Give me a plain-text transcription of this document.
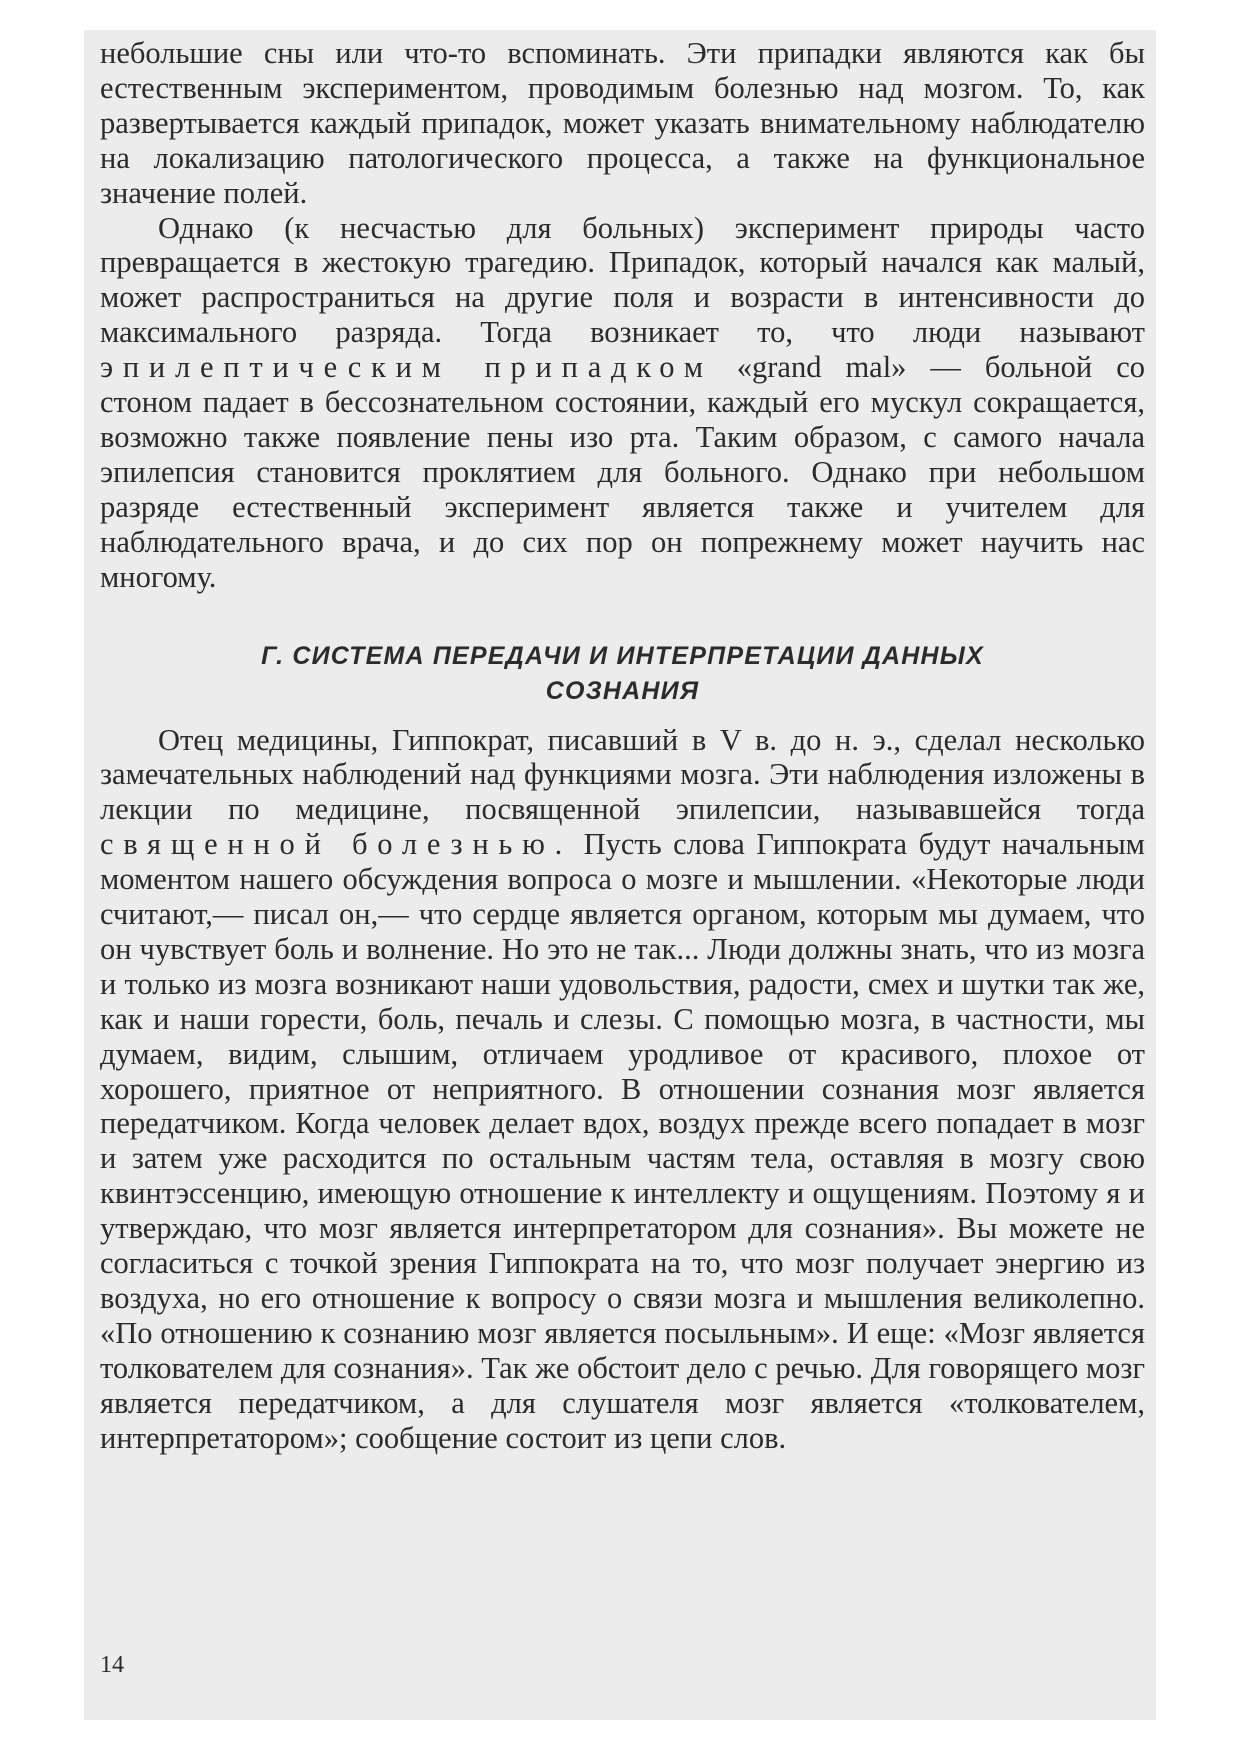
небольшие сны или что-то вспоминать. Эти припадки являются как бы естественным экспериментом, проводимым болезнью над мозгом. То, как развертывается каждый припадок, может указать внимательному наблюдателю на локализацию патологического процесса, а также на функциональное значение полей.

Однако (к несчастью для больных) эксперимент природы часто превращается в жестокую трагедию. Припадок, который начался как малый, может распространиться на другие поля и возрасти в интенсивности до максимального разряда. Тогда возникает то, что люди называют эпилептическим припадком «grand mal» — больной со стоном падает в бессознательном состоянии, каждый его мускул сокращается, возможно также появление пены изо рта. Таким образом, с самого начала эпилепсия становится проклятием для больного. Однако при небольшом разряде естественный эксперимент является также и учителем для наблюдательного врача, и до сих пор он попрежнему может научить нас многому.

Г. СИСТЕМА ПЕРЕДАЧИ И ИНТЕРПРЕТАЦИИ ДАННЫХ
СОЗНАНИЯ

Отец медицины, Гиппократ, писавший в V в. до н. э., сделал несколько замечательных наблюдений над функциями мозга. Эти наблюдения изложены в лекции по медицине, посвященной эпилепсии, называвшейся тогда священной болезнью. Пусть слова Гиппократа будут начальным моментом нашего обсуждения вопроса о мозге и мышлении. «Некоторые люди считают,— писал он,— что сердце является органом, которым мы думаем, что он чувствует боль и волнение. Но это не так... Люди должны знать, что из мозга и только из мозга возникают наши удовольствия, радости, смех и шутки так же, как и наши горести, боль, печаль и слезы. С помощью мозга, в частности, мы думаем, видим, слышим, отличаем уродливое от красивого, плохое от хорошего, приятное от неприятного. В отношении сознания мозг является передатчиком. Когда человек делает вдох, воздух прежде всего попадает в мозг и затем уже расходится по остальным частям тела, оставляя в мозгу свою квинтэссенцию, имеющую отношение к интеллекту и ощущениям. Поэтому я и утверждаю, что мозг является интерпретатором для сознания». Вы можете не согласиться с точкой зрения Гиппократа на то, что мозг получает энергию из воздуха, но его отношение к вопросу о связи мозга и мышления великолепно. «По отношению к сознанию мозг является посыльным». И еще: «Мозг является толкователем для сознания». Так же обстоит дело с речью. Для говорящего мозг является передатчиком, а для слушателя мозг является «толкователем, интерпретатором»; сообщение состоит из цепи слов.

14
